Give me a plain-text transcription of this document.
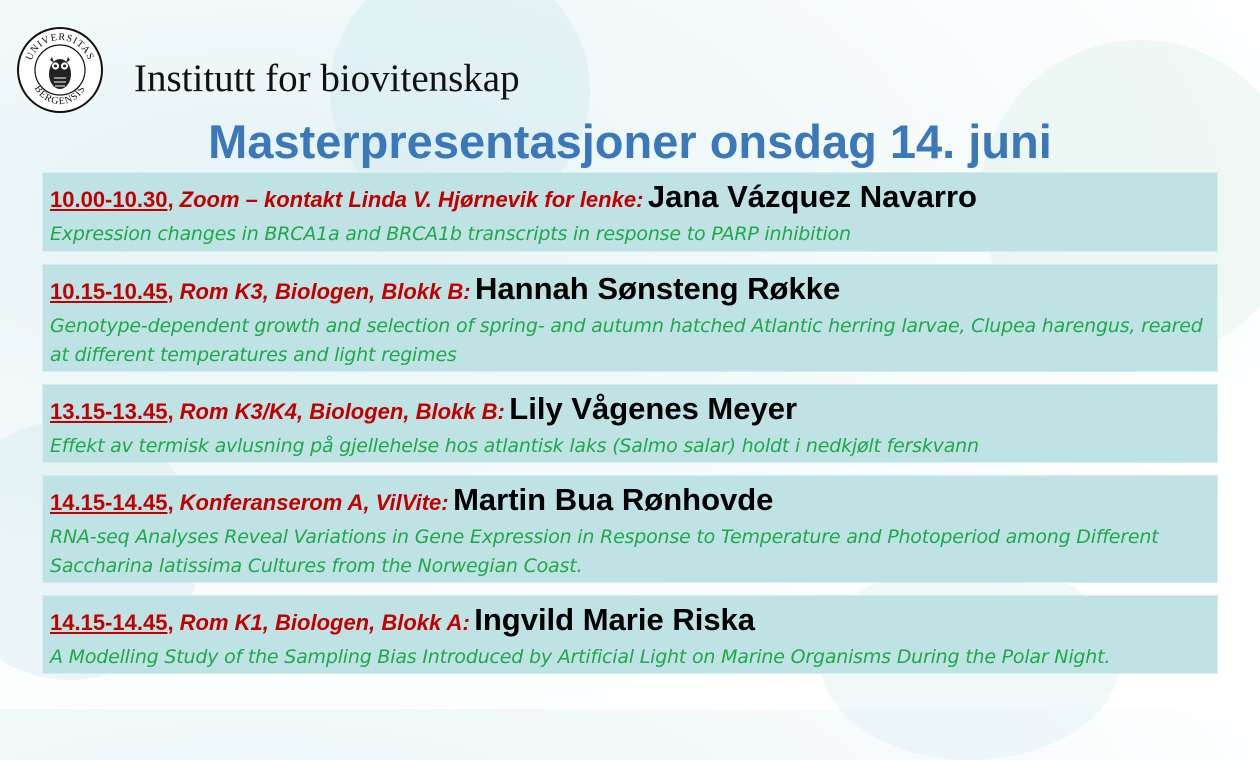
UNIVERSITAS
BERGENSIS Institutt for biovitenskap
Masterpresentasjoner onsdag 14. juni
10.00-10.30, Zoom – kontakt Linda V. Hjørnevik for lenke: Jana Vázquez Navarro
Expression changes in BRCA1a and BRCA1b transcripts in response to PARP inhibition
10.15-10.45, Rom K3, Biologen, Blokk B: Hannah Sønsteng Røkke
Genotype-dependent growth and selection of spring- and autumn hatched Atlantic herring larvae, Clupea harengus, reared at different temperatures and light regimes
13.15-13.45, Rom K3/K4, Biologen, Blokk B: Lily Vågenes Meyer
Effekt av termisk avlusning på gjellehelse hos atlantisk laks (Salmo salar) holdt i nedkjølt ferskvann
14.15-14.45, Konferanserom A, VilVite: Martin Bua Rønhovde
RNA-seq Analyses Reveal Variations in Gene Expression in Response to Temperature and Photoperiod among Different Saccharina latissima Cultures from the Norwegian Coast.
14.15-14.45, Rom K1, Biologen, Blokk A: Ingvild Marie Riska
A Modelling Study of the Sampling Bias Introduced by Artificial Light on Marine Organisms During the Polar Night.
